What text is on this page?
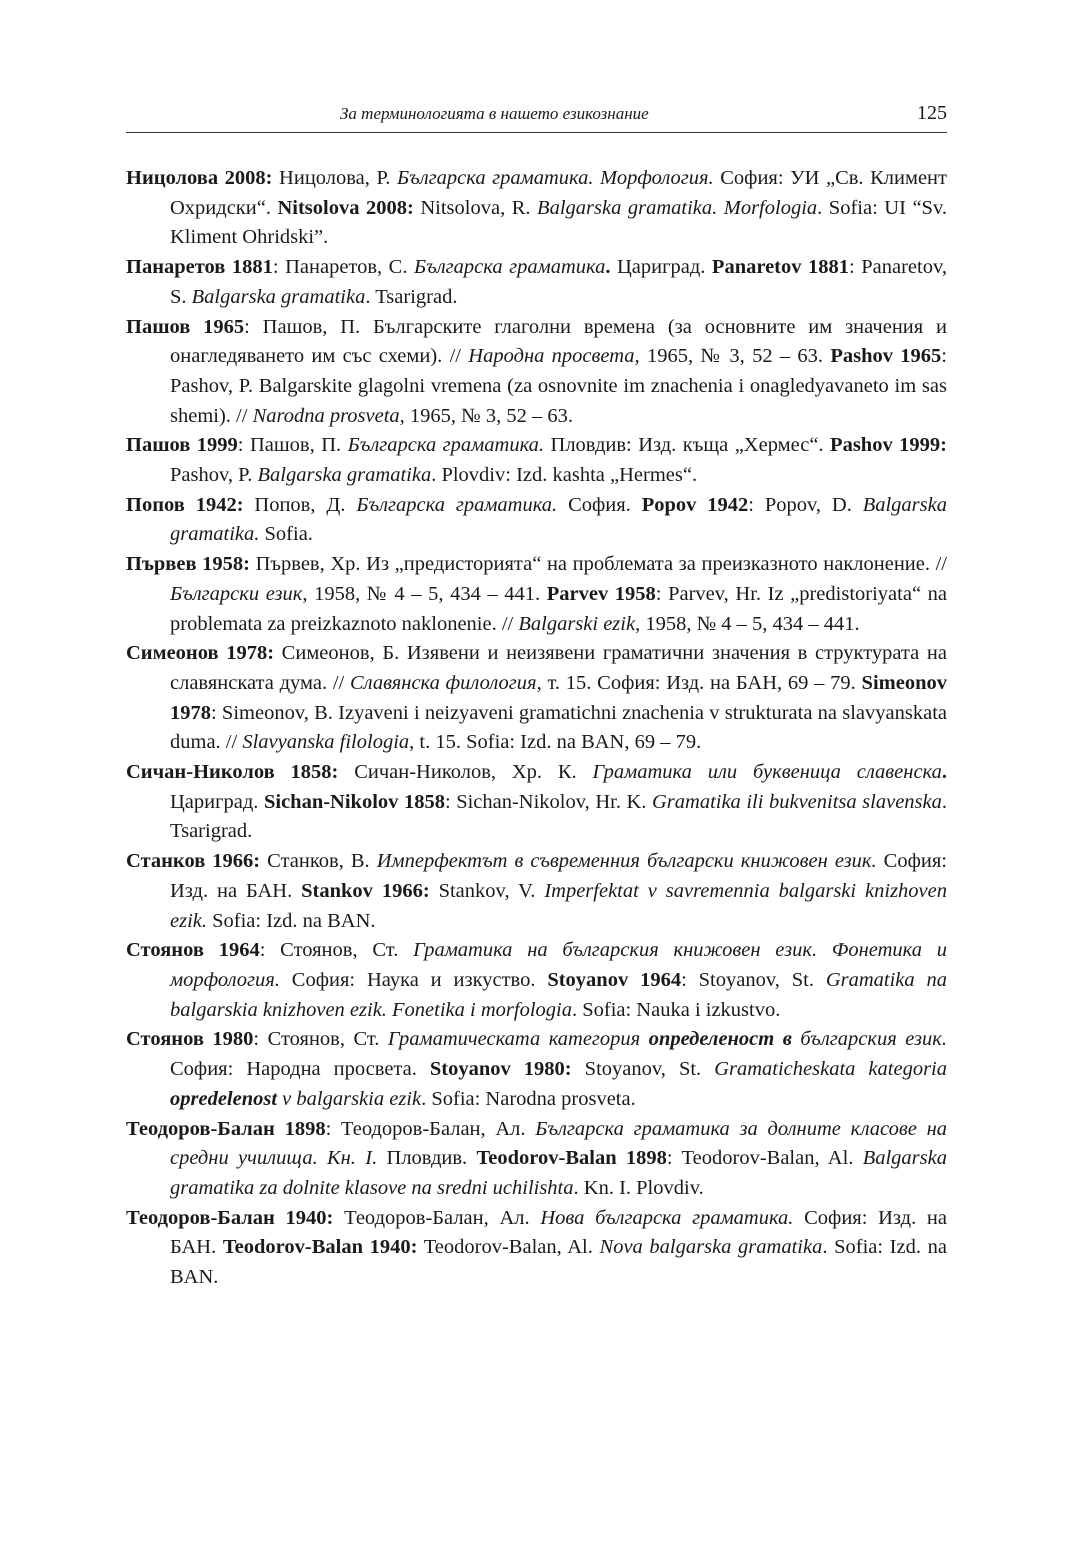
За терминологията в нашето езикознание	125

Ницолова 2008: Ницолова, Р. Българска граматика. Морфология. София: УИ „Св. Климент Охридски“. Nitsolova 2008: Nitsolova, R. Balgarska gramatika. Morfologia. Sofia: UI “Sv. Kliment Ohridski”.

Панаретов 1881: Панаретов, С. Българска граматика. Цариград. Panaretov 1881: Panaretov, S. Balgarska gramatika. Tsarigrad.

Пашов 1965: Пашов, П. Българските глаголни времена (за основните им значения и онагледяването им със схеми). // Народна просвета, 1965, № 3, 52 – 63. Pashov 1965: Pashov, P. Balgarskite glagolni vremena (za osnovnite im znachenia i onagledyavaneto im sas shemi). // Narodna prosveta, 1965, № 3, 52 – 63.

Пашов 1999: Пашов, П. Българска граматика. Пловдив: Изд. къща „Хермес“. Pashov 1999: Pashov, P. Balgarska gramatika. Plovdiv: Izd. kashta „Hermes“.

Попов 1942: Попов, Д. Българска граматика. София. Popov 1942: Popov, D. Balgarska gramatika. Sofia.

Първев 1958: Първев, Хр. Из „предисторията“ на проблемата за преизказното наклонение. // Български език, 1958, № 4 – 5, 434 – 441. Parvev 1958: Parvev, Hr. Iz „predistoriyata“ na problemata za preizkaznoto naklonenie. // Balgarski ezik, 1958, № 4 – 5, 434 – 441.

Симеонов 1978: Симеонов, Б. Изявени и неизявени граматични значения в структурата на славянската дума. // Славянска филология, т. 15. София: Изд. на БАН, 69 – 79. Simeonov 1978: Simeonov, B. Izyaveni i neizyaveni gramatichni znachenia v strukturata na slavyanskata duma. // Slavyanska filologia, t. 15. Sofia: Izd. na BAN, 69 – 79.

Сичан-Николов 1858: Сичан-Николов, Хр. К. Граматика или буквеница славенска. Цариград. Sichan-Nikolov 1858: Sichan-Nikolov, Hr. K. Gramatika ili bukvenitsa slavenska. Tsarigrad.

Станков 1966: Станков, В. Имперфектът в съвременния български книжовен език. София: Изд. на БАН. Stankov 1966: Stankov, V. Imperfektat v savremennia balgarski knizhoven ezik. Sofia: Izd. na BAN.

Стоянов 1964: Стоянов, Ст. Граматика на българския книжовен език. Фонетика и морфология. София: Наука и изкуство. Stoyanov 1964: Stoyanov, St. Gramatika na balgarskia knizhoven ezik. Fonetika i morfologia. Sofia: Nauka i izkustvo.

Стоянов 1980: Стоянов, Ст. Граматическата категория определеност в българския език. София: Народна просвета. Stoyanov 1980: Stoyanov, St. Gramaticheskata kategoria opredelenost v balgarskia ezik. Sofia: Narodna prosveta.

Теодоров-Балан 1898: Теодоров-Балан, Ал. Българска граматика за долните класове на средни училища. Кн. I. Пловдив. Teodorov-Balan 1898: Teodorov-Balan, Al. Balgarska gramatika za dolnite klasove na sredni uchilishta. Kn. I. Plovdiv.

Теодоров-Балан 1940: Теодоров-Балан, Ал. Нова българска граматика. София: Изд. на БАН. Teodorov-Balan 1940: Teodorov-Balan, Al. Nova balgarska gramatika. Sofia: Izd. na BAN.
